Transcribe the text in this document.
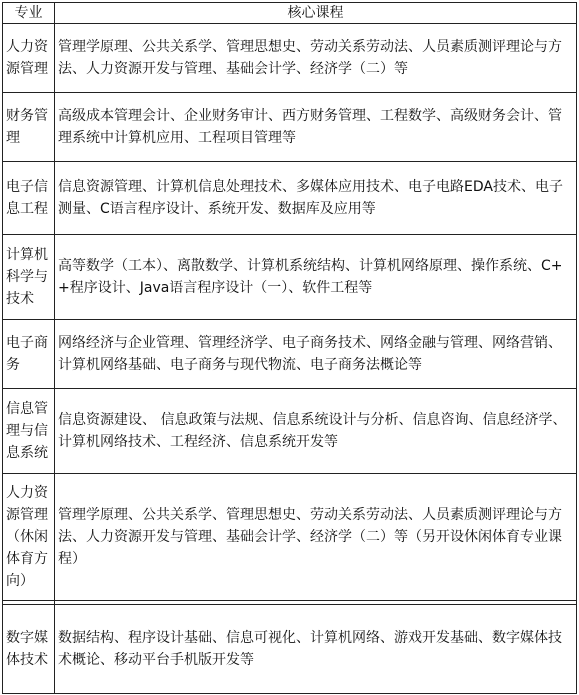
专业	核心课程
人力资源管理	管理学原理、公共关系学、管理思想史、劳动关系劳动法、人员素质测评理论与方法、人力资源开发与管理、基础会计学、经济学（二）等
财务管理	高级成本管理会计、企业财务审计、西方财务管理、工程数学、高级财务会计、管理系统中计算机应用、工程项目管理等
电子信息工程	信息资源管理、计算机信息处理技术、多媒体应用技术、电子电路EDA技术、电子测量、C语言程序设计、系统开发、数据库及应用等
计算机科学与技术	高等数学（工本）、离散数学、计算机系统结构、计算机网络原理、操作系统、C++程序设计、Java语言程序设计（一）、软件工程等
电子商务	网络经济与企业管理、管理经济学、电子商务技术、网络金融与管理、网络营销、计算机网络基础、电子商务与现代物流、电子商务法概论等
信息管理与信息系统	信息资源建设、 信息政策与法规、信息系统设计与分析、信息咨询、信息经济学、计算机网络技术、工程经济、信息系统开发等
人力资源管理（休闲体育方向）	管理学原理、公共关系学、管理思想史、劳动关系劳动法、人员素质测评理论与方法、人力资源开发与管理、基础会计学、经济学（二）等（另开设休闲体育专业课程）

数字媒体技术	数据结构、程序设计基础、信息可视化、计算机网络、游戏开发基础、数字媒体技术概论、移动平台手机版开发等
